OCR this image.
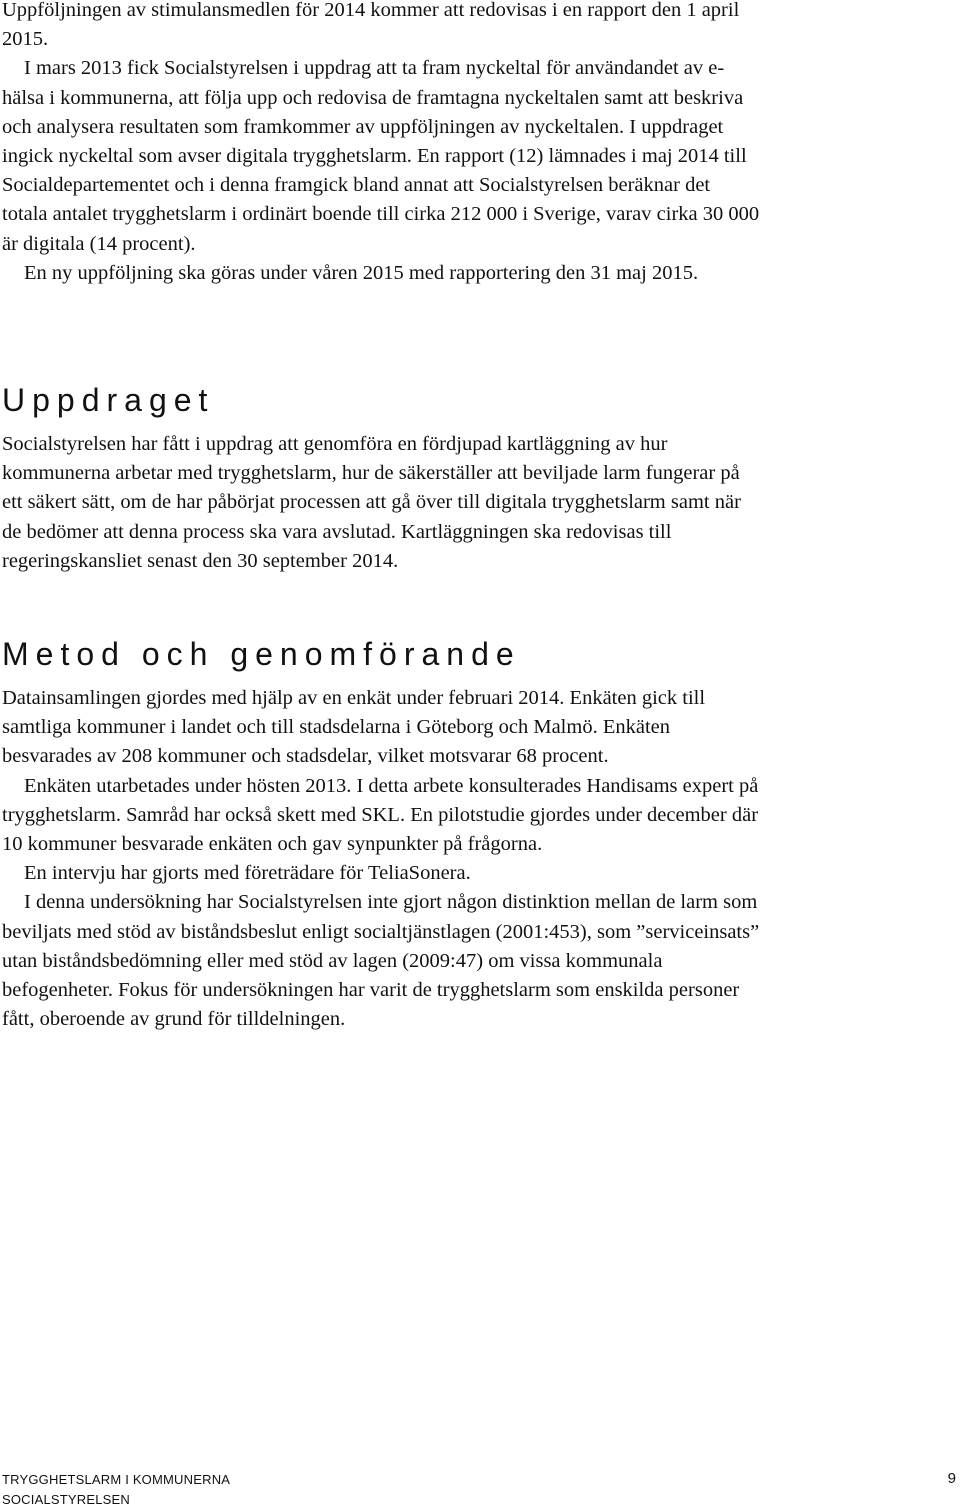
Uppföljningen av stimulansmedlen för 2014 kommer att redovisas i en rapport den 1 april 2015.

I mars 2013 fick Socialstyrelsen i uppdrag att ta fram nyckeltal för användandet av e-hälsa i kommunerna, att följa upp och redovisa de framtagna nyckeltalen samt att beskriva och analysera resultaten som framkommer av uppföljningen av nyckeltalen. I uppdraget ingick nyckeltal som avser digitala trygghetslarm. En rapport (12) lämnades i maj 2014 till Socialdepartementet och i denna framgick bland annat att Socialstyrelsen beräknar det totala antalet trygghetslarm i ordinärt boende till cirka 212 000 i Sverige, varav cirka 30 000 är digitala (14 procent).

En ny uppföljning ska göras under våren 2015 med rapportering den 31 maj 2015.

Uppdraget

Socialstyrelsen har fått i uppdrag att genomföra en fördjupad kartläggning av hur kommunerna arbetar med trygghetslarm, hur de säkerställer att beviljade larm fungerar på ett säkert sätt, om de har påbörjat processen att gå över till digitala trygghetslarm samt när de bedömer att denna process ska vara avslutad. Kartläggningen ska redovisas till regeringskansliet senast den 30 september 2014.

Metod och genomförande

Datainsamlingen gjordes med hjälp av en enkät under februari 2014. Enkäten gick till samtliga kommuner i landet och till stadsdelarna i Göteborg och Malmö. Enkäten besvarades av 208 kommuner och stadsdelar, vilket motsvarar 68 procent.

Enkäten utarbetades under hösten 2013. I detta arbete konsulterades Handisams expert på trygghetslarm. Samråd har också skett med SKL. En pilotstudie gjordes under december där 10 kommuner besvarade enkäten och gav synpunkter på frågorna.

En intervju har gjorts med företrädare för TeliaSonera.

I denna undersökning har Socialstyrelsen inte gjort någon distinktion mellan de larm som beviljats med stöd av biståndsbeslut enligt socialtjänstlagen (2001:453), som ”serviceinsats” utan biståndsbedömning eller med stöd av lagen (2009:47) om vissa kommunala befogenheter. Fokus för undersökningen har varit de trygghetslarm som enskilda personer fått, oberoende av grund för tilldelningen.

TRYGGHETSLARM I KOMMUNERNA
SOCIALSTYRELSEN
9
